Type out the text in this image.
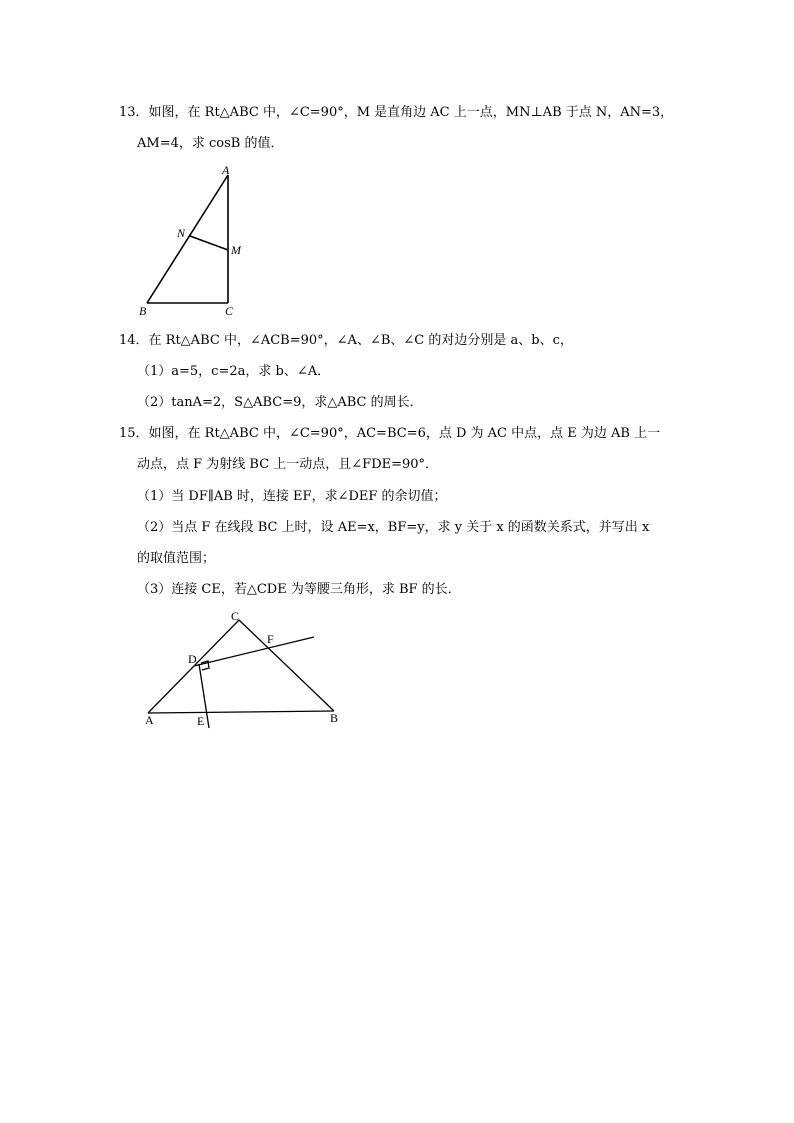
13．如图，在 Rt△ABC 中，∠C=90°，M 是直角边 AC 上一点，MN⊥AB 于点 N，AN=3，
AM=4，求 cosB 的值．
A
N
M
B	C
14．在 Rt△ABC 中，∠ACB=90°，∠A、∠B、∠C 的对边分别是 a、b、c，
（1）a=5，c=2a，求 b、∠A．
（2）tanA=2，S△ABC=9，求△ABC 的周长．
15．如图，在 Rt△ABC 中，∠C=90°，AC=BC=6，点 D 为 AC 中点，点 E 为边 AB 上一
动点，点 F 为射线 BC 上一动点，且∠FDE=90°．
（1）当 DF∥AB 时，连接 EF，求∠DEF 的余切值；
（2）当点 F 在线段 BC 上时，设 AE=x，BF=y，求 y 关于 x 的函数关系式，并写出 x
的取值范围；
（3）连接 CE，若△CDE 为等腰三角形，求 BF 的长．
C
F
D
A	E	B
